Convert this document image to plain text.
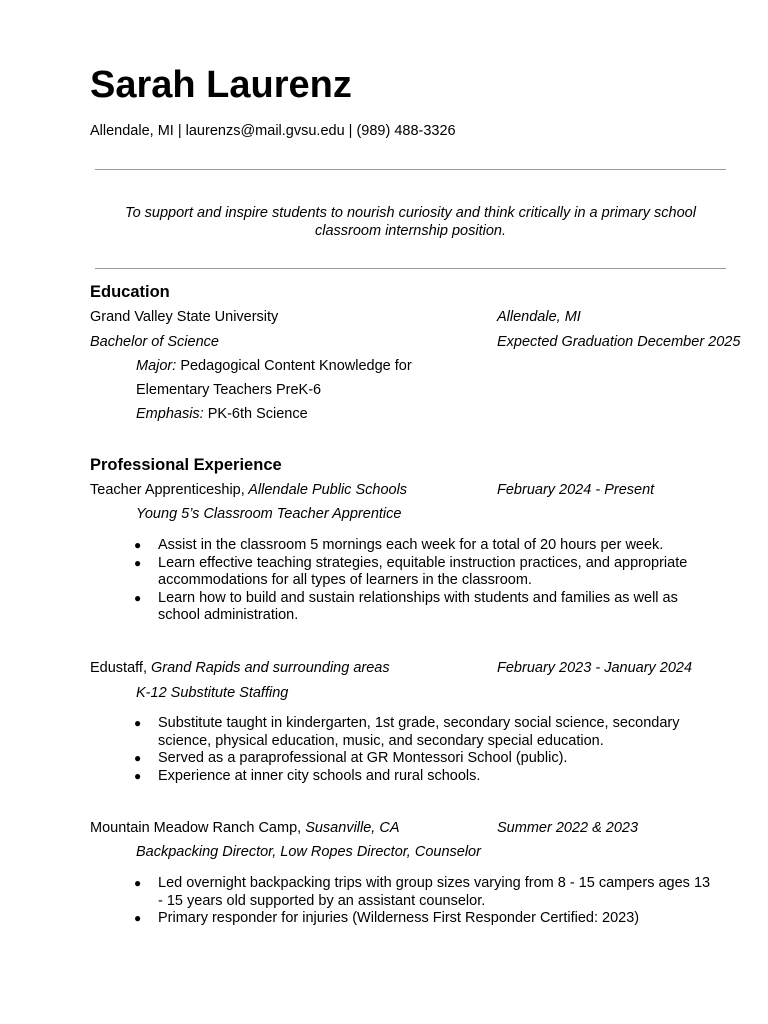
Sarah Laurenz
Allendale, MI | laurenzs@mail.gvsu.edu | (989) 488-3326
To support and inspire students to nourish curiosity and think critically in a primary school classroom internship position.
Education
Grand Valley State University	Allendale, MI
Bachelor of Science	Expected Graduation December 2025
Major: Pedagogical Content Knowledge for
Elementary Teachers PreK-6
Emphasis: PK-6th Science
Professional Experience
Teacher Apprenticeship, Allendale Public Schools	February 2024 - Present
Young 5’s Classroom Teacher Apprentice
● Assist in the classroom 5 mornings each week for a total of 20 hours per week.
● Learn effective teaching strategies, equitable instruction practices, and appropriate accommodations for all types of learners in the classroom.
● Learn how to build and sustain relationships with students and families as well as school administration.
Edustaff, Grand Rapids and surrounding areas	February 2023 - January 2024
K-12 Substitute Staffing
● Substitute taught in kindergarten, 1st grade, secondary social science, secondary science, physical education, music, and secondary special education.
● Served as a paraprofessional at GR Montessori School (public).
● Experience at inner city schools and rural schools.
Mountain Meadow Ranch Camp, Susanville, CA	Summer 2022 & 2023
Backpacking Director, Low Ropes Director, Counselor
● Led overnight backpacking trips with group sizes varying from 8 - 15 campers ages 13 - 15 years old supported by an assistant counselor.
● Primary responder for injuries (Wilderness First Responder Certified: 2023)
